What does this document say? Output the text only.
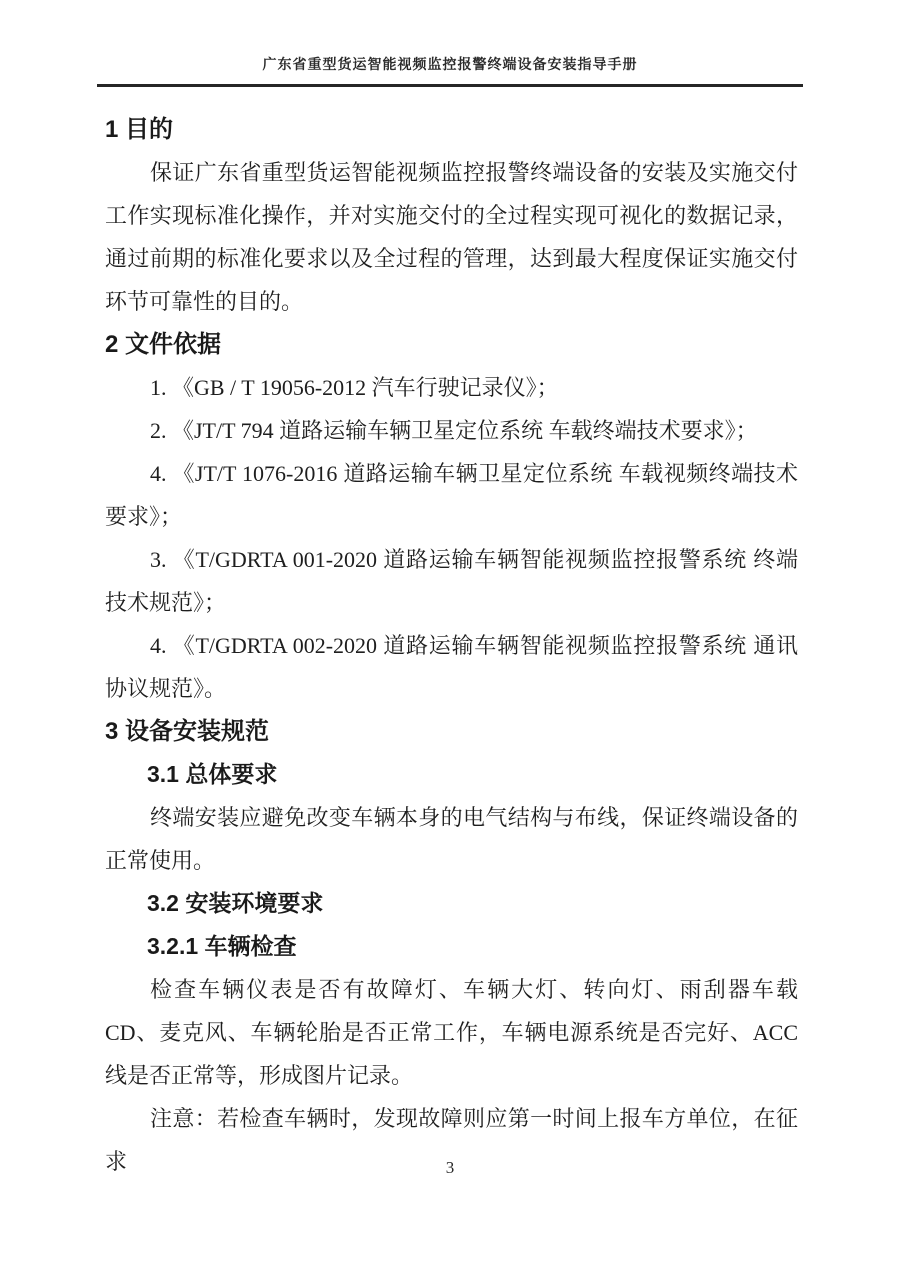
广东省重型货运智能视频监控报警终端设备安装指导手册
1 目的

保证广东省重型货运智能视频监控报警终端设备的安装及实施交付工作实现标准化操作，并对实施交付的全过程实现可视化的数据记录，通过前期的标准化要求以及全过程的管理，达到最大程度保证实施交付环节可靠性的目的。

2 文件依据

1. 《GB / T 19056-2012 汽车行驶记录仪》；

2. 《JT/T 794 道路运输车辆卫星定位系统 车载终端技术要求》；

4. 《JT/T 1076-2016 道路运输车辆卫星定位系统 车载视频终端技术要求》；

3. 《T/GDRTA 001-2020 道路运输车辆智能视频监控报警系统 终端技术规范》；

4. 《T/GDRTA 002-2020 道路运输车辆智能视频监控报警系统 通讯协议规范》。

3 设备安装规范
3.1 总体要求

终端安装应避免改变车辆本身的电气结构与布线，保证终端设备的正常使用。

3.2 安装环境要求
3.2.1 车辆检查

检查车辆仪表是否有故障灯、车辆大灯、转向灯、雨刮器车载 CD、麦克风、车辆轮胎是否正常工作，车辆电源系统是否完好、ACC 线是否正常等，形成图片记录。

注意：若检查车辆时，发现故障则应第一时间上报车方单位，在征求	3
